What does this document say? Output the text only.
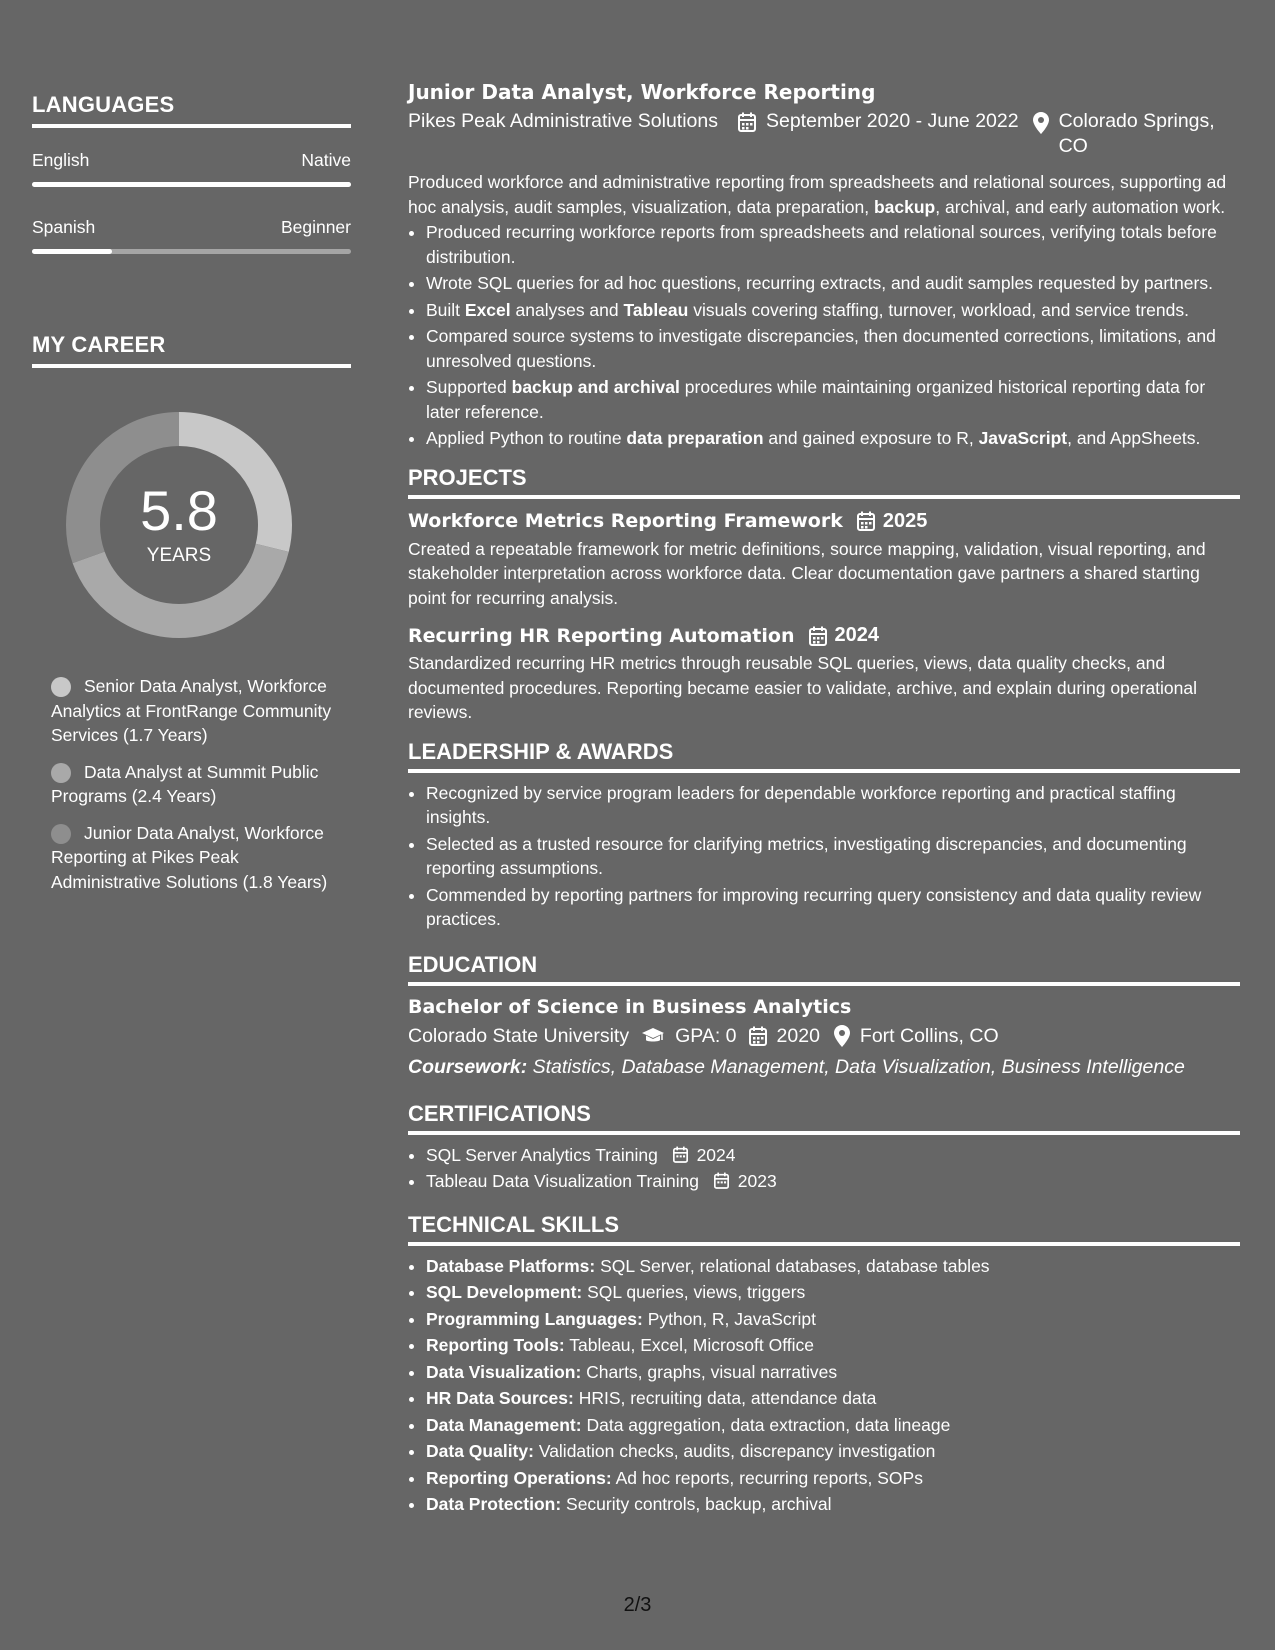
LANGUAGES
English	Native
Spanish	Beginner
MY CAREER
5.8
YEARS
Senior Data Analyst, Workforce Analytics at FrontRange Community Services (1.7 Years)
Data Analyst at Summit Public Programs (2.4 Years)
Junior Data Analyst, Workforce Reporting at Pikes Peak Administrative Solutions (1.8 Years)
Junior Data Analyst, Workforce Reporting
Pikes Peak Administrative Solutions September 2020 - June 2022 Colorado Springs, CO

Produced workforce and administrative reporting from spreadsheets and relational sources, supporting ad hoc analysis, audit samples, visualization, data preparation, backup, archival, and early automation work.

• Produced recurring workforce reports from spreadsheets and relational sources, verifying totals before distribution.
• Wrote SQL queries for ad hoc questions, recurring extracts, and audit samples requested by partners.
• Built Excel analyses and Tableau visuals covering staffing, turnover, workload, and service trends.
• Compared source systems to investigate discrepancies, then documented corrections, limitations, and unresolved questions.
• Supported backup and archival procedures while maintaining organized historical reporting data for later reference.
• Applied Python to routine data preparation and gained exposure to R, JavaScript, and AppSheets.
PROJECTS
Workforce Metrics Reporting Framework 2025

Created a repeatable framework for metric definitions, source mapping, validation, visual reporting, and stakeholder interpretation across workforce data. Clear documentation gave partners a shared starting point for recurring analysis.

Recurring HR Reporting Automation 2024

Standardized recurring HR metrics through reusable SQL queries, views, data quality checks, and documented procedures. Reporting became easier to validate, archive, and explain during operational reviews.

LEADERSHIP & AWARDS
• Recognized by service program leaders for dependable workforce reporting and practical staffing insights.
• Selected as a trusted resource for clarifying metrics, investigating discrepancies, and documenting reporting assumptions.
• Commended by reporting partners for improving recurring query consistency and data quality review practices.
EDUCATION
Bachelor of Science in Business Analytics
Colorado State University GPA: 0 2020 Fort Collins, CO
Coursework: Statistics, Database Management, Data Visualization, Business Intelligence
CERTIFICATIONS
• SQL Server Analytics Training 2024
• Tableau Data Visualization Training 2023
TECHNICAL SKILLS
• Database Platforms: SQL Server, relational databases, database tables
• SQL Development: SQL queries, views, triggers
• Programming Languages: Python, R, JavaScript
• Reporting Tools: Tableau, Excel, Microsoft Office
• Data Visualization: Charts, graphs, visual narratives
• HR Data Sources: HRIS, recruiting data, attendance data
• Data Management: Data aggregation, data extraction, data lineage
• Data Quality: Validation checks, audits, discrepancy investigation
• Reporting Operations: Ad hoc reports, recurring reports, SOPs
• Data Protection: Security controls, backup, archival
2/3
